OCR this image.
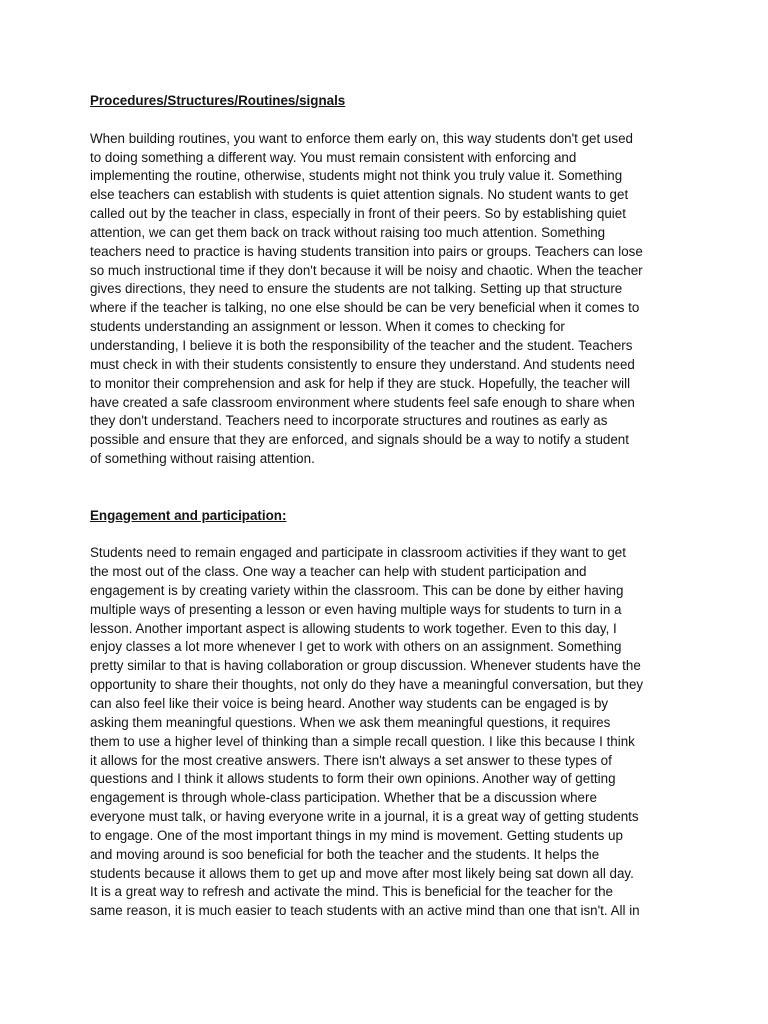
Procedures/Structures/Routines/signals

When building routines, you want to enforce them early on, this way students don't get used
to doing something a different way. You must remain consistent with enforcing and
implementing the routine, otherwise, students might not think you truly value it. Something
else teachers can establish with students is quiet attention signals. No student wants to get
called out by the teacher in class, especially in front of their peers. So by establishing quiet
attention, we can get them back on track without raising too much attention. Something
teachers need to practice is having students transition into pairs or groups. Teachers can lose
so much instructional time if they don't because it will be noisy and chaotic. When the teacher
gives directions, they need to ensure the students are not talking. Setting up that structure
where if the teacher is talking, no one else should be can be very beneficial when it comes to
students understanding an assignment or lesson. When it comes to checking for
understanding, I believe it is both the responsibility of the teacher and the student. Teachers
must check in with their students consistently to ensure they understand. And students need
to monitor their comprehension and ask for help if they are stuck. Hopefully, the teacher will
have created a safe classroom environment where students feel safe enough to share when
they don't understand. Teachers need to incorporate structures and routines as early as
possible and ensure that they are enforced, and signals should be a way to notify a student
of something without raising attention.

Engagement and participation:

Students need to remain engaged and participate in classroom activities if they want to get
the most out of the class. One way a teacher can help with student participation and
engagement is by creating variety within the classroom. This can be done by either having
multiple ways of presenting a lesson or even having multiple ways for students to turn in a
lesson. Another important aspect is allowing students to work together. Even to this day, I
enjoy classes a lot more whenever I get to work with others on an assignment. Something
pretty similar to that is having collaboration or group discussion. Whenever students have the
opportunity to share their thoughts, not only do they have a meaningful conversation, but they
can also feel like their voice is being heard. Another way students can be engaged is by
asking them meaningful questions. When we ask them meaningful questions, it requires
them to use a higher level of thinking than a simple recall question. I like this because I think
it allows for the most creative answers. There isn't always a set answer to these types of
questions and I think it allows students to form their own opinions. Another way of getting
engagement is through whole-class participation. Whether that be a discussion where
everyone must talk, or having everyone write in a journal, it is a great way of getting students
to engage. One of the most important things in my mind is movement. Getting students up
and moving around is soo beneficial for both the teacher and the students. It helps the
students because it allows them to get up and move after most likely being sat down all day.
It is a great way to refresh and activate the mind. This is beneficial for the teacher for the
same reason, it is much easier to teach students with an active mind than one that isn't. All in
